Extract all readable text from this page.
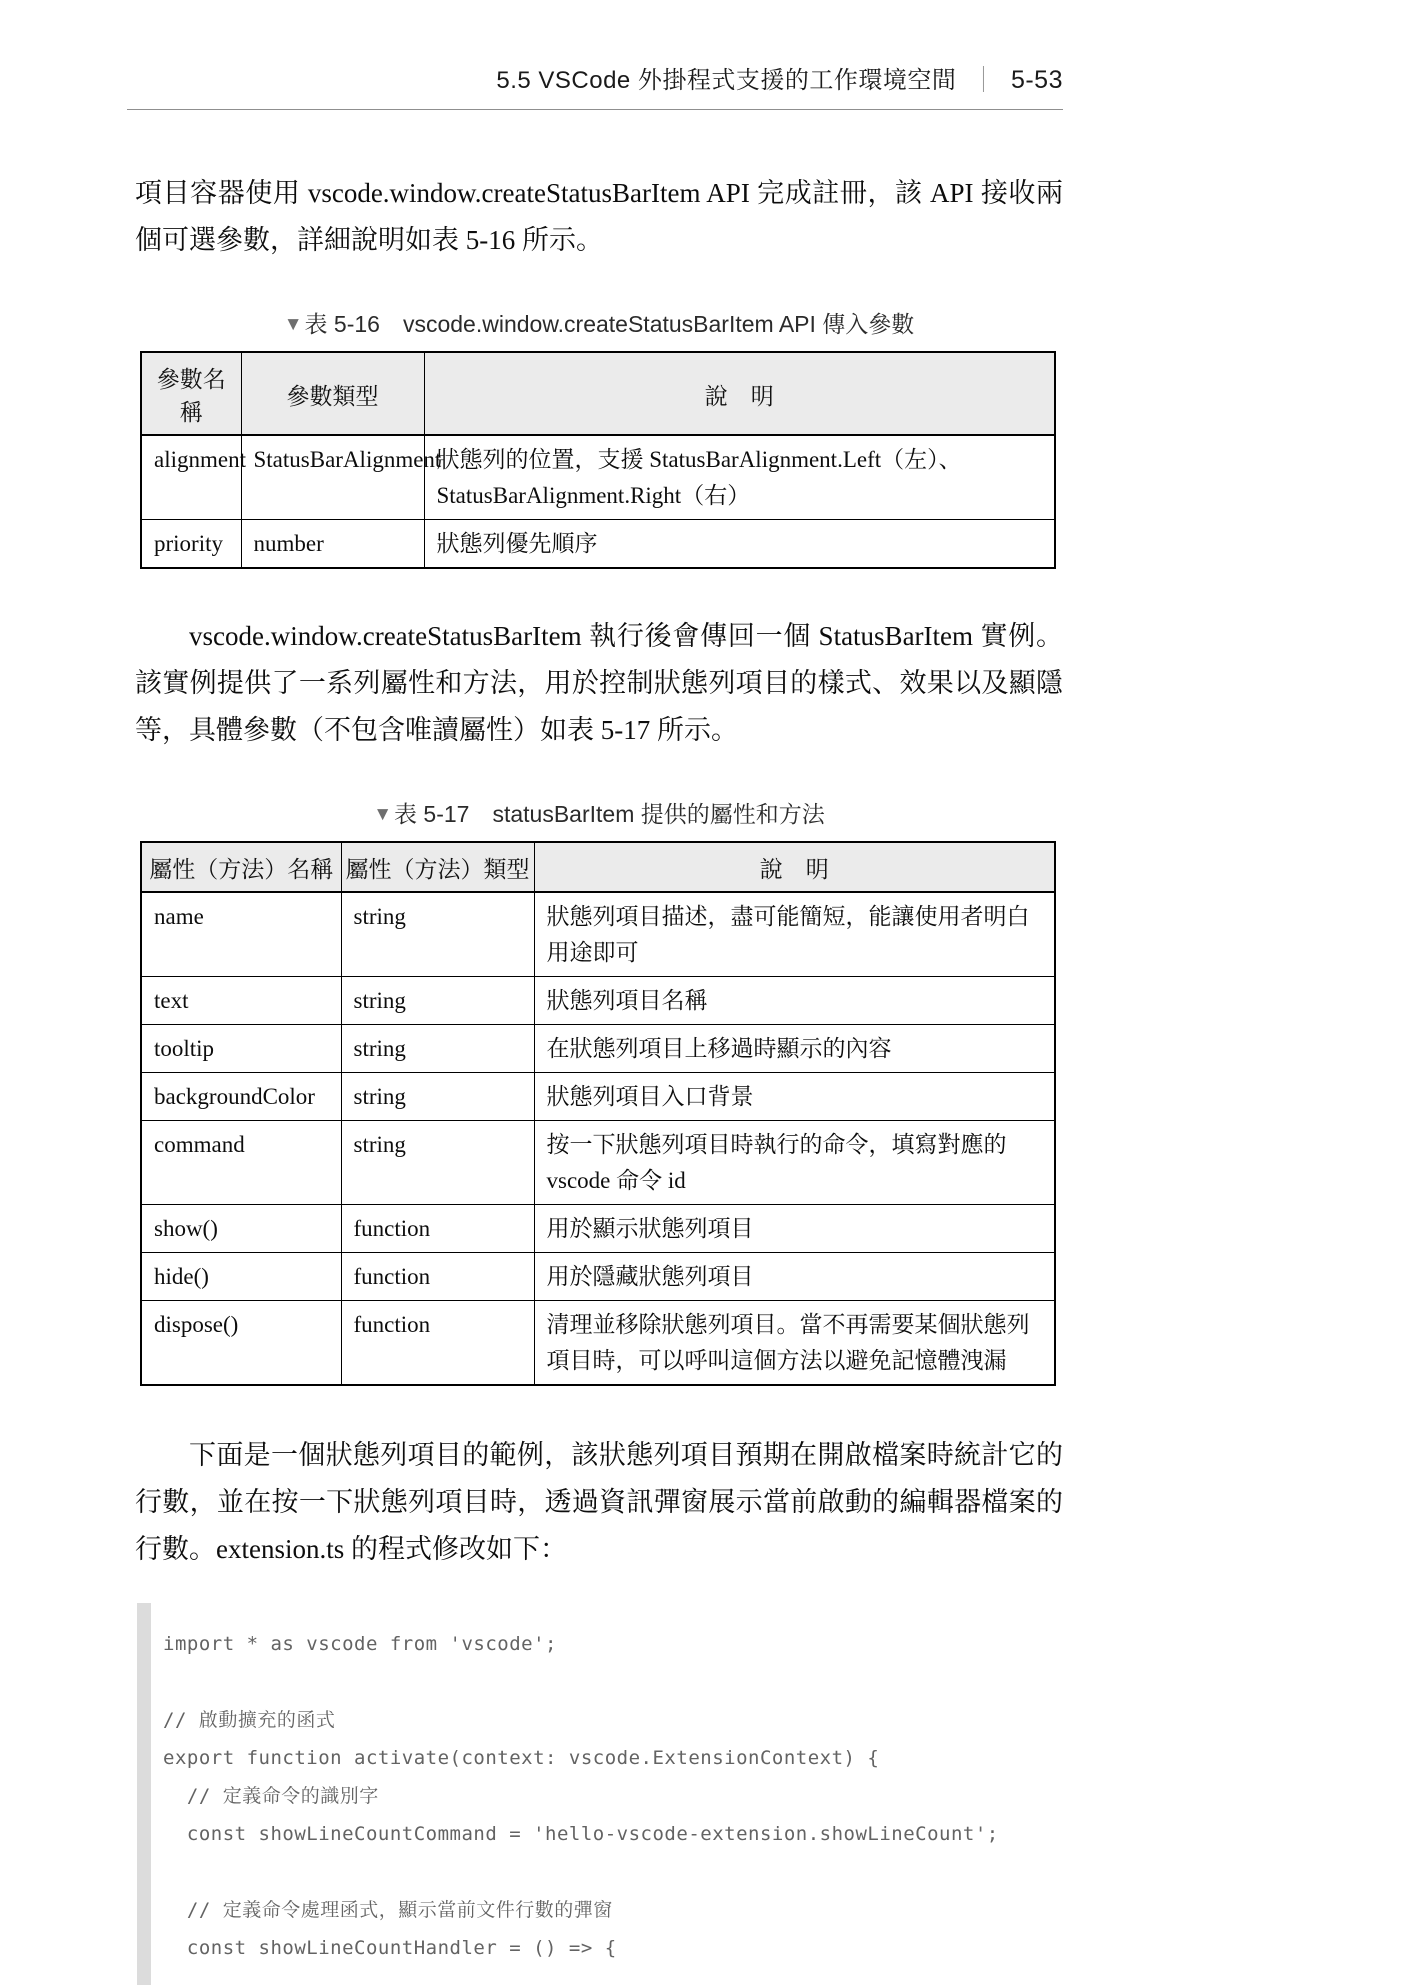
5.5 VSCode 外掛程式支援的工作環境空間 ｜ 5-53

項目容器使用 vscode.window.createStatusBarItem API 完成註冊，該 API 接收兩個可選參數，詳細說明如表 5-16 所示。

▼表 5-16　vscode.window.createStatusBarItem API 傳入參數
參數名稱	參數類型	說　明
alignment	StatusBarAlignment	狀態列的位置，支援 StatusBarAlignment.Left（左）、StatusBarAlignment.Right（右）
priority	number	狀態列優先順序

vscode.window.createStatusBarItem 執行後會傳回一個 StatusBarItem 實例。該實例提供了一系列屬性和方法，用於控制狀態列項目的樣式、效果以及顯隱等，具體參數（不包含唯讀屬性）如表 5-17 所示。

▼表 5-17　statusBarItem 提供的屬性和方法
屬性（方法）名稱	屬性（方法）類型	說　明
name	string	狀態列項目描述，盡可能簡短，能讓使用者明白用途即可
text	string	狀態列項目名稱
tooltip	string	在狀態列項目上移過時顯示的內容
backgroundColor	string	狀態列項目入口背景
command	string	按一下狀態列項目時執行的命令，填寫對應的 vscode 命令 id
show()	function	用於顯示狀態列項目
hide()	function	用於隱藏狀態列項目
dispose()	function	清理並移除狀態列項目。當不再需要某個狀態列項目時，可以呼叫這個方法以避免記憶體洩漏

下面是一個狀態列項目的範例，該狀態列項目預期在開啟檔案時統計它的行數，並在按一下狀態列項目時，透過資訊彈窗展示當前啟動的編輯器檔案的行數。extension.ts 的程式修改如下：

import * as vscode from 'vscode';
// 啟動擴充的函式
export function activate(context: vscode.ExtensionContext) {
// 定義命令的識別字
const showLineCountCommand = 'hello-vscode-extension.showLineCount';
// 定義命令處理函式，顯示當前文件行數的彈窗
const showLineCountHandler = () => {
